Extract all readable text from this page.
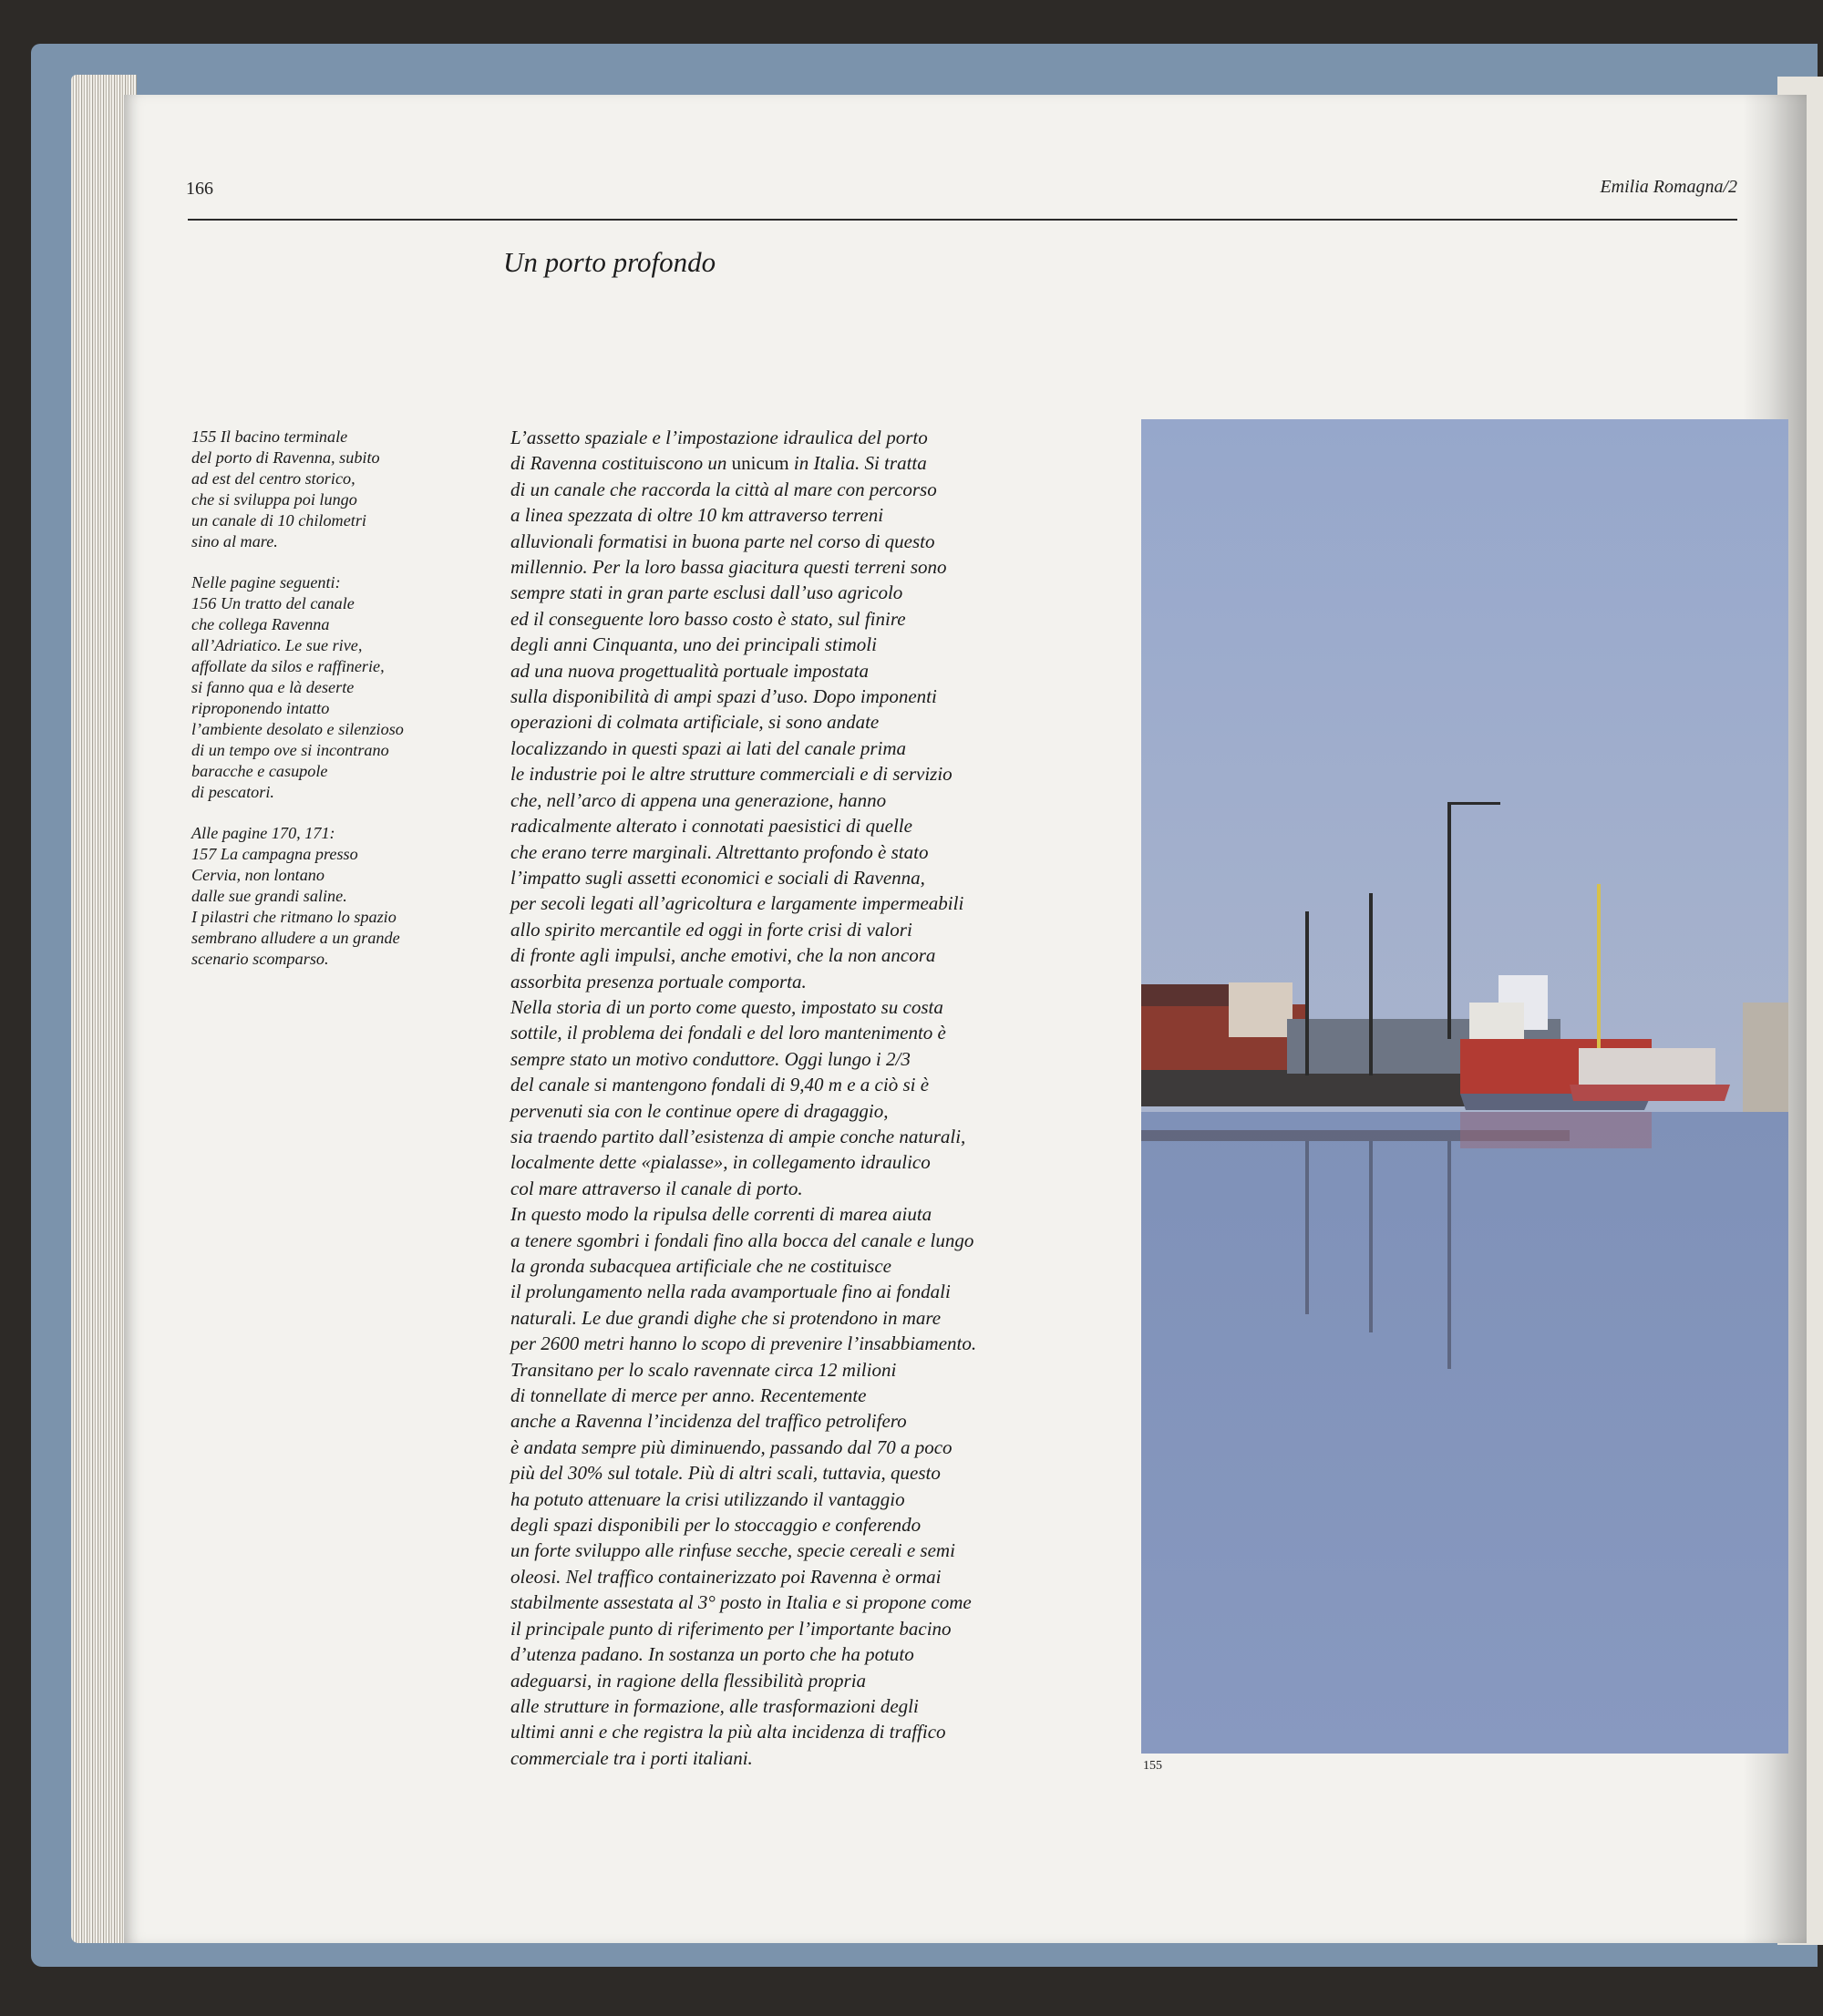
166	Emilia Romagna/2
Un porto profondo

155 Il bacino terminale
del porto di Ravenna, subito
ad est del centro storico,
che si sviluppa poi lungo
un canale di 10 chilometri
sino al mare.

Nelle pagine seguenti:
156 Un tratto del canale
che collega Ravenna
all’Adriatico. Le sue rive,
affollate da silos e raffinerie,
si fanno qua e là deserte
riproponendo intatto
l’ambiente desolato e silenzioso
di un tempo ove si incontrano
baracche e casupole
di pescatori.

Alle pagine 170, 171:
157 La campagna presso
Cervia, non lontano
dalle sue grandi saline.
I pilastri che ritmano lo spazio
sembrano alludere a un grande
scenario scomparso.

L’assetto spaziale e l’impostazione idraulica del porto
di Ravenna costituiscono un unicum in Italia. Si tratta
di un canale che raccorda la città al mare con percorso
a linea spezzata di oltre 10 km attraverso terreni
alluvionali formatisi in buona parte nel corso di questo
millennio. Per la loro bassa giacitura questi terreni sono
sempre stati in gran parte esclusi dall’uso agricolo
ed il conseguente loro basso costo è stato, sul finire
degli anni Cinquanta, uno dei principali stimoli
ad una nuova progettualità portuale impostata
sulla disponibilità di ampi spazi d’uso. Dopo imponenti
operazioni di colmata artificiale, si sono andate
localizzando in questi spazi ai lati del canale prima
le industrie poi le altre strutture commerciali e di servizio
che, nell’arco di appena una generazione, hanno
radicalmente alterato i connotati paesistici di quelle
che erano terre marginali. Altrettanto profondo è stato
l’impatto sugli assetti economici e sociali di Ravenna,
per secoli legati all’agricoltura e largamente impermeabili
allo spirito mercantile ed oggi in forte crisi di valori
di fronte agli impulsi, anche emotivi, che la non ancora
assorbita presenza portuale comporta.
Nella storia di un porto come questo, impostato su costa
sottile, il problema dei fondali e del loro mantenimento è
sempre stato un motivo conduttore. Oggi lungo i 2/3
del canale si mantengono fondali di 9,40 m e a ciò si è
pervenuti sia con le continue opere di dragaggio,
sia traendo partito dall’esistenza di ampie conche naturali,
localmente dette «pialasse», in collegamento idraulico
col mare attraverso il canale di porto.
In questo modo la ripulsa delle correnti di marea aiuta
a tenere sgombri i fondali fino alla bocca del canale e lungo
la gronda subacquea artificiale che ne costituisce
il prolungamento nella rada avamportuale fino ai fondali
naturali. Le due grandi dighe che si protendono in mare
per 2600 metri hanno lo scopo di prevenire l’insabbiamento.
Transitano per lo scalo ravennate circa 12 milioni
di tonnellate di merce per anno. Recentemente
anche a Ravenna l’incidenza del traffico petrolifero
è andata sempre più diminuendo, passando dal 70 a poco
più del 30% sul totale. Più di altri scali, tuttavia, questo
ha potuto attenuare la crisi utilizzando il vantaggio
degli spazi disponibili per lo stoccaggio e conferendo
un forte sviluppo alle rinfuse secche, specie cereali e semi
oleosi. Nel traffico containerizzato poi Ravenna è ormai
stabilmente assestata al 3° posto in Italia e si propone come
il principale punto di riferimento per l’importante bacino
d’utenza padano. In sostanza un porto che ha potuto
adeguarsi, in ragione della flessibilità propria
alle strutture in formazione, alle trasformazioni degli
ultimi anni e che registra la più alta incidenza di traffico
commerciale tra i porti italiani.	155
